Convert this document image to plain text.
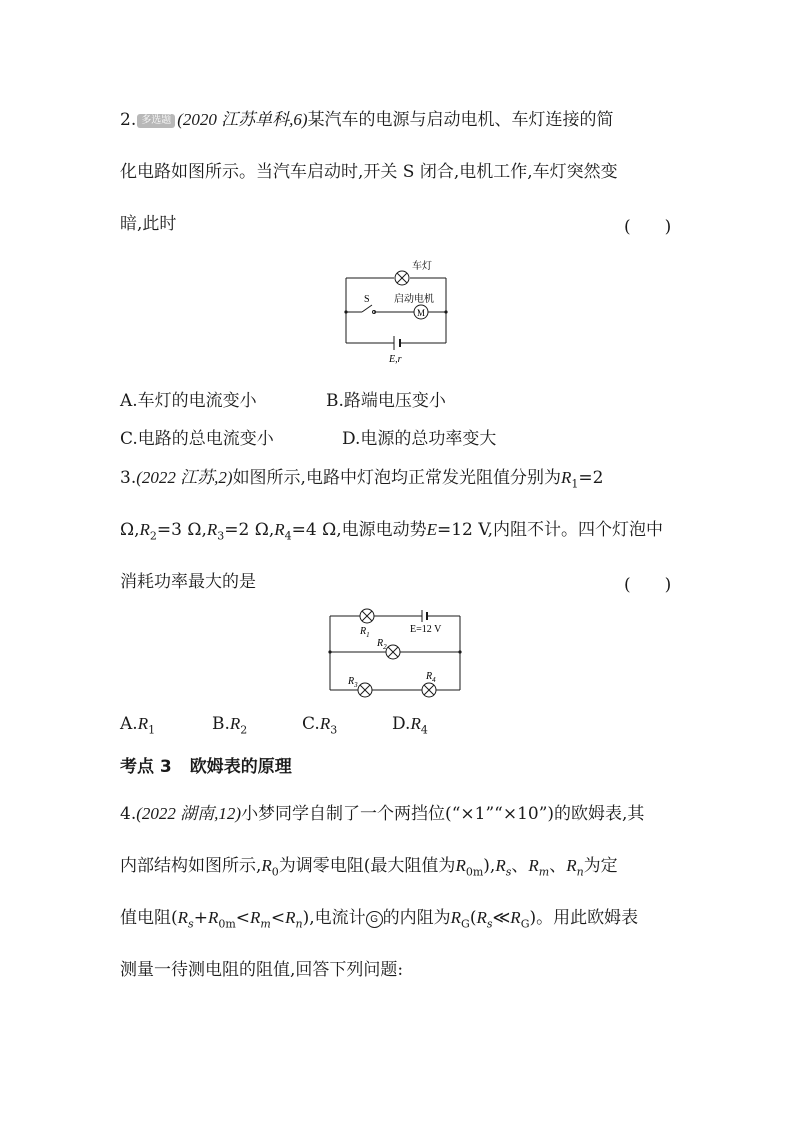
2. 多选题 (2020 江苏单科,6)某汽车的电源与启动电机、车灯连接的简
化电路如图所示。当汽车启动时,开关 S 闭合,电机工作,车灯突然变
暗,此时	(　　)
车灯
S 启动电机
M
E,r
A.车灯的电流变小	B.路端电压变小
C.电路的总电流变小	D.电源的总功率变大
3.(2022 江苏,2)如图所示,电路中灯泡均正常发光阻值分别为$R_1=2$
$\Omega,R_2=3$ $\Omega,R_3=2$ $\Omega,R_4=4$ Ω,电源电动势E=12 V,内阻不计。四个灯泡中
消耗功率最大的是	(　　)
$R_1$
$R_2$
$R_3$
$R_4$
E=12 V
$A.R_1$	$B.R_2$	$C.R_3$	$D.R_4$
考点 3 欧姆表的原理
4.(2022 湖南,12)小梦同学自制了一个两挡位(“×1”“×10”)的欧姆表,其
内部结构如图所示$,R_0$为调零电阻(最大阻值为$R_{0m}),R_s$、$R_m$、$R_n$为定
值电阻$(R_s+R_{0m}<R_m<R_n)$,电流计 G 的内阻为$R_G(R_s≪R_G)$。用此欧姆表
测量一待测电阻的阻值,回答下列问题:
